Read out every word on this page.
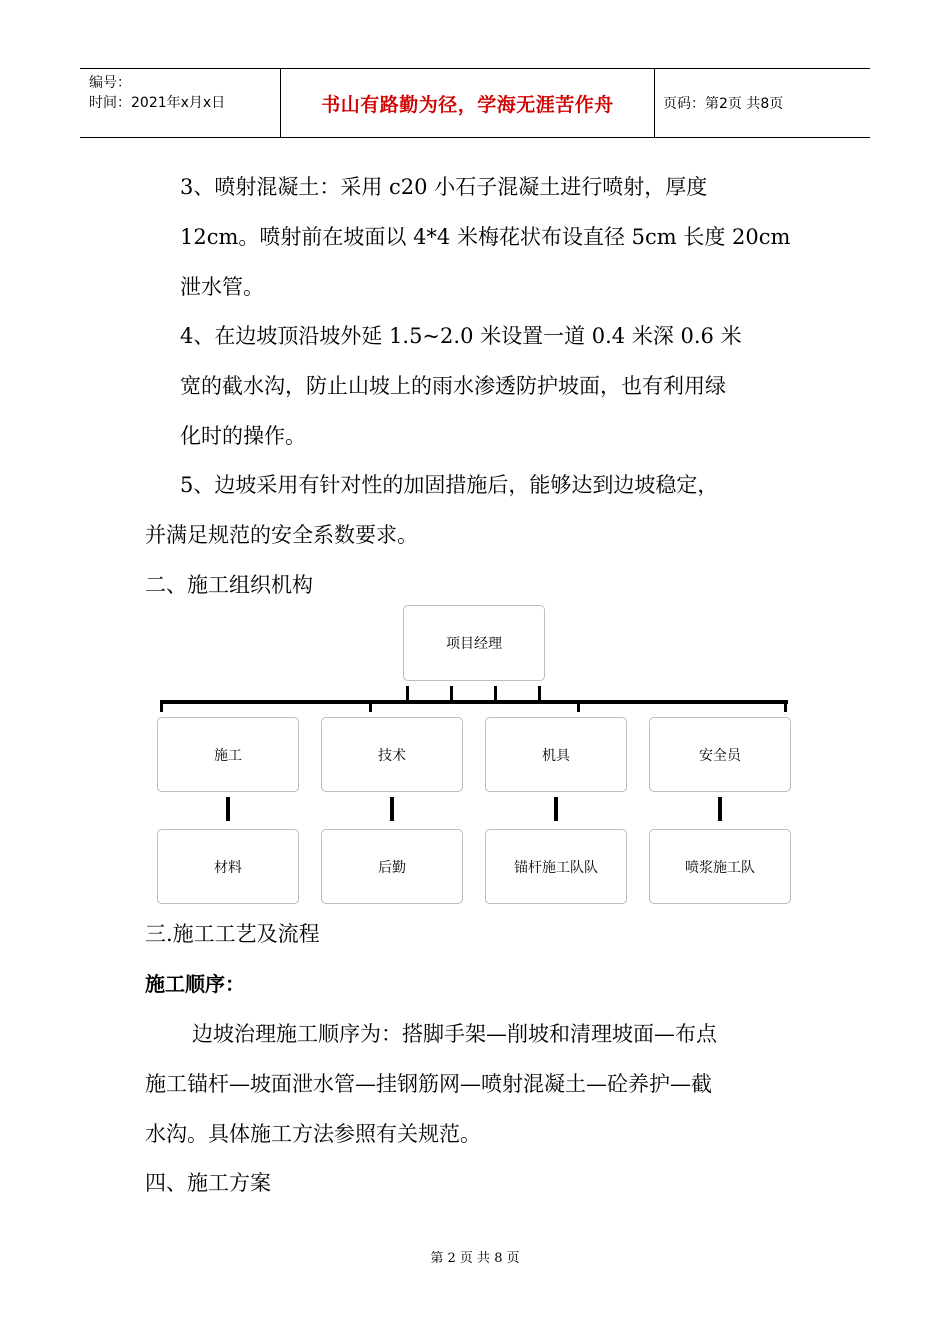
编号：
时间：2021年x月x日	书山有路勤为径，学海无涯苦作舟	页码：第2页 共8页
3、喷射混凝土：采用 c20 小石子混凝土进行喷射，厚度
12cm。喷射前在坡面以 4*4 米梅花状布设直径 5cm 长度 20cm
泄水管。
4、在边坡顶沿坡外延 1.5~2.0 米设置一道 0.4 米深 0.6 米
宽的截水沟，防止山坡上的雨水渗透防护坡面，也有利用绿
化时的操作。
5、边坡采用有针对性的加固措施后，能够达到边坡稳定，
并满足规范的安全系数要求。
二、施工组织机构
项目经理
施工	技术	机具	安全员
材料	后勤	锚杆施工队队	喷浆施工队
三.施工工艺及流程
施工顺序：
边坡治理施工顺序为：搭脚手架—削坡和清理坡面—布点
施工锚杆—坡面泄水管—挂钢筋网—喷射混凝土—砼养护—截
水沟。具体施工方法参照有关规范。
四、施工方案
第 2 页 共 8 页
